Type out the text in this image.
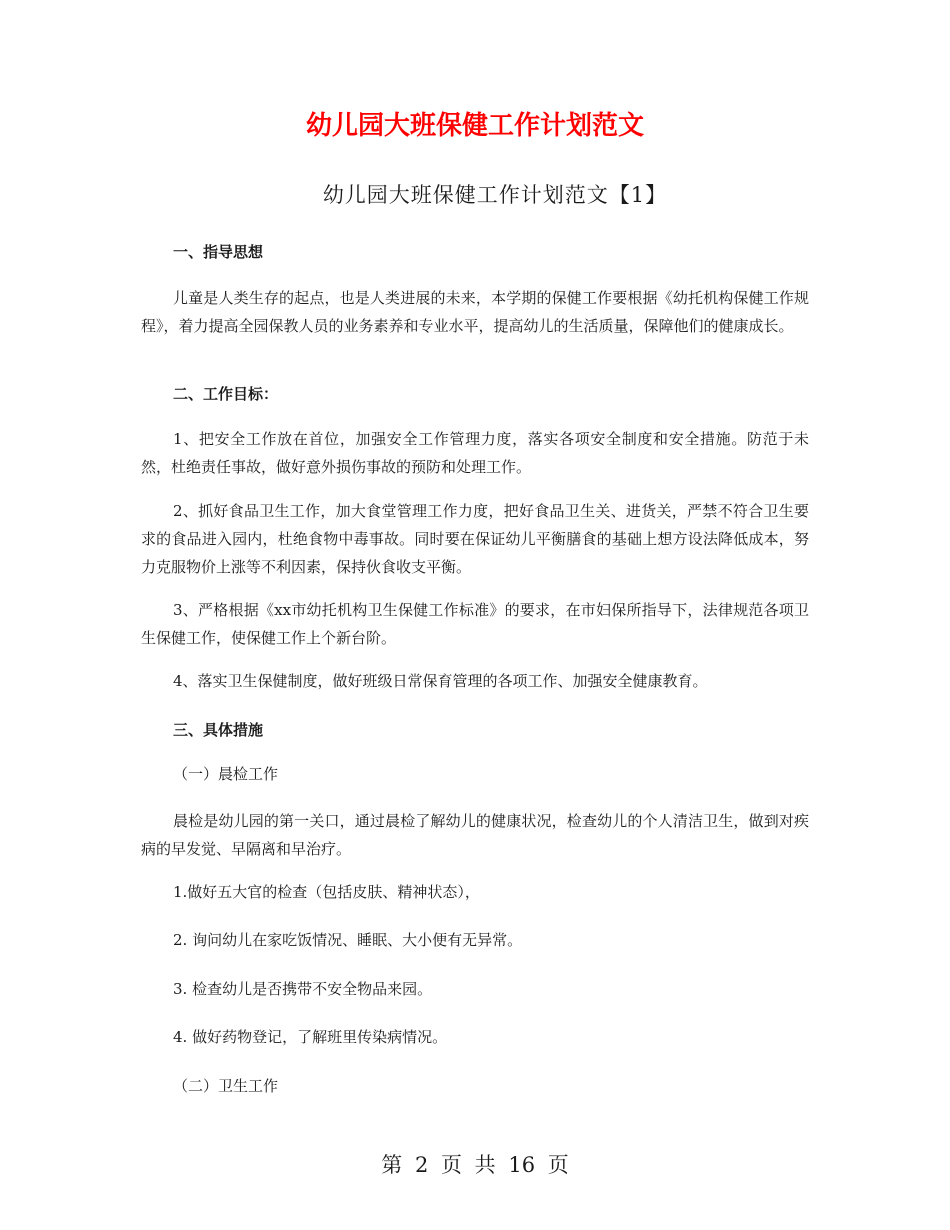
幼儿园大班保健工作计划范文
幼儿园大班保健工作计划范文【1】
一、指导思想
儿童是人类生存的起点，也是人类进展的未来，本学期的保健工作要根据《幼托机构保健工作规程》，着力提高全园保教人员的业务素养和专业水平，提高幼儿的生活质量，保障他们的健康成长。
二、工作目标：
1、把安全工作放在首位，加强安全工作管理力度，落实各项安全制度和安全措施。防范于未然，杜绝责任事故，做好意外损伤事故的预防和处理工作。
2、抓好食品卫生工作，加大食堂管理工作力度，把好食品卫生关、进货关，严禁不符合卫生要求的食品进入园内，杜绝食物中毒事故。同时要在保证幼儿平衡膳食的基础上想方设法降低成本，努力克服物价上涨等不利因素，保持伙食收支平衡。
3、严格根据《xx市幼托机构卫生保健工作标准》的要求，在市妇保所指导下，法律规范各项卫生保健工作，使保健工作上个新台阶。
4、落实卫生保健制度，做好班级日常保育管理的各项工作、加强安全健康教育。
三、具体措施
（一）晨检工作
晨检是幼儿园的第一关口，通过晨检了解幼儿的健康状况，检查幼儿的个人清洁卫生，做到对疾病的早发觉、早隔离和早治疗。
1.做好五大官的检查（包括皮肤、精神状态），
2. 询问幼儿在家吃饭情况、睡眠、大小便有无异常。
3. 检查幼儿是否携带不安全物品来园。
4. 做好药物登记，了解班里传染病情况。
（二）卫生工作
第 2 页 共 16 页
